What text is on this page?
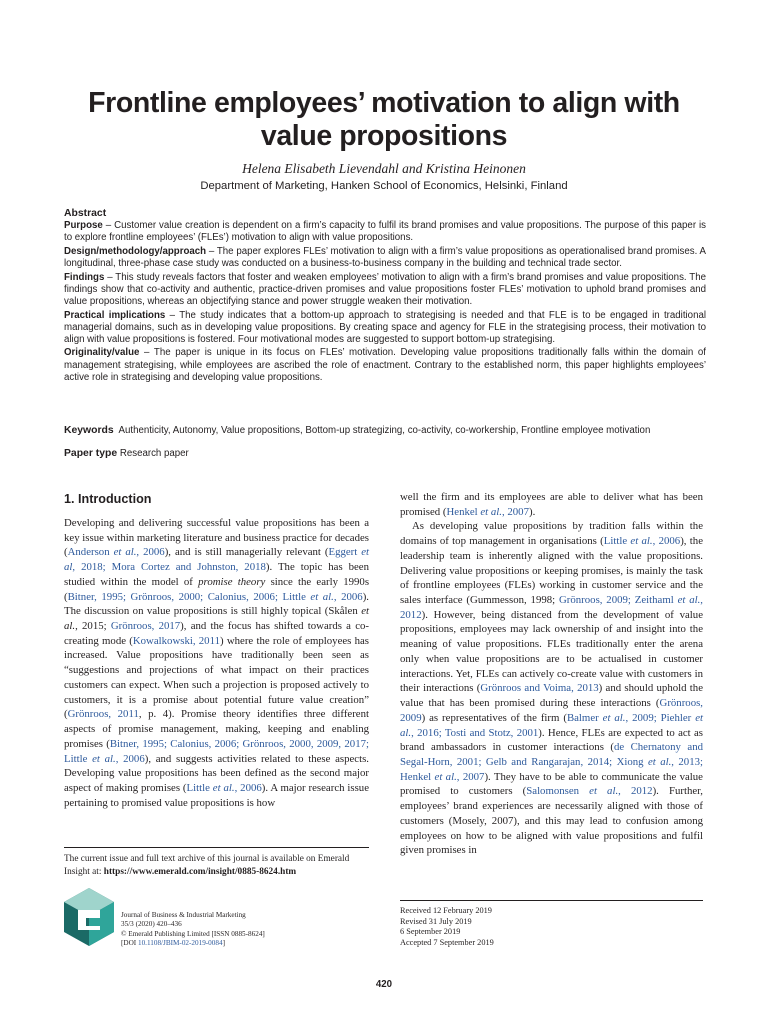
Frontline employees’ motivation to align with
value propositions
Helena Elisabeth Lievendahl and Kristina Heinonen
Department of Marketing, Hanken School of Economics, Helsinki, Finland
Abstract

Purpose – Customer value creation is dependent on a firm’s capacity to fulfil its brand promises and value propositions. The purpose of this paper is to explore frontline employees’ (FLEs’) motivation to align with value propositions.

Design/methodology/approach – The paper explores FLEs’ motivation to align with a firm’s value propositions as operationalised brand promises. A longitudinal, three-phase case study was conducted on a business-to-business company in the building and technical trade sector.

Findings – This study reveals factors that foster and weaken employees’ motivation to align with a firm’s brand promises and value propositions. The findings show that co-activity and authentic, practice-driven promises and value propositions foster FLEs’ motivation to uphold brand promises and value propositions, whereas an objectifying stance and power struggle weaken their motivation.

Practical implications – The study indicates that a bottom-up approach to strategising is needed and that FLE is to be engaged in traditional managerial domains, such as in developing value propositions. By creating space and agency for FLE in the strategising process, their motivation to align with value propositions is fostered. Four motivational modes are suggested to support bottom-up strategising.

Originality/value – The paper is unique in its focus on FLEs’ motivation. Developing value propositions traditionally falls within the domain of management strategising, while employees are ascribed the role of enactment. Contrary to the established norm, this paper highlights employees’ active role in strategising and developing value propositions.

Keywords Authenticity, Autonomy, Value propositions, Bottom-up strategizing, co-activity, co-workership, Frontline employee motivation
Paper type Research paper
1. Introduction

Developing and delivering successful value propositions has been a key issue within marketing literature and business practice for decades (Anderson et al., 2006), and is still managerially relevant (Eggert et al, 2018; Mora Cortez and Johnston, 2018). The topic has been studied within the model of promise theory since the early 1990s (Bitner, 1995; Grönroos, 2000; Calonius, 2006; Little et al., 2006). The discussion on value propositions is still highly topical (Skålen et al., 2015; Grönroos, 2017), and the focus has shifted towards a co-creating mode (Kowalkowski, 2011) where the role of employees has increased. Value propositions have traditionally been seen as “suggestions and projections of what impact on their practices customers can expect. When such a projection is proposed actively to customers, it is a promise about potential future value creation” (Grönroos, 2011, p. 4). Promise theory identifies three different aspects of promise management, making, keeping and enabling promises (Bitner, 1995; Calonius, 2006; Grönroos, 2000, 2009, 2017; Little et al., 2006), and suggests activities related to these aspects. Developing value propositions has been defined as the second major aspect of making promises (Little et al., 2006). A major research issue pertaining to promised value propositions is how

well the firm and its employees are able to deliver what has been promised (Henkel et al., 2007).

As developing value propositions by tradition falls within the domains of top management in organisations (Little et al., 2006), the leadership team is inherently aligned with the value propositions. Delivering value propositions or keeping promises, is mainly the task of frontline employees (FLEs) working in customer service and the sales interface (Gummesson, 1998; Grönroos, 2009; Zeithaml et al., 2012). However, being distanced from the development of value propositions, employees may lack ownership of and insight into the meaning of value propositions. FLEs traditionally enter the arena only when value propositions are to be actualised in customer interactions. Yet, FLEs can actively co-create value with customers in their interactions (Grönroos and Voima, 2013) and should uphold the value that has been promised during these interactions (Grönroos, 2009) as representatives of the firm (Balmer et al., 2009; Piehler et al., 2016; Tosti and Stotz, 2001). Hence, FLEs are expected to act as brand ambassadors in customer interactions (de Chernatony and Segal-Horn, 2001; Gelb and Rangarajan, 2014; Xiong et al., 2013; Henkel et al., 2007). They have to be able to communicate the value promised to customers (Salomonsen et al., 2012). Further, employees’ brand experiences are necessarily aligned with those of customers (Mosely, 2007), and this may lead to confusion among employees on how to be aligned with value propositions and fulfil given promises in

The current issue and full text archive of this journal is available on Emerald Insight at: https://www.emerald.com/insight/0885-8624.htm
Journal of Business & Industrial Marketing
35/3 (2020) 420–436
© Emerald Publishing Limited [ISSN 0885-8624]
[DOI 10.1108/JBIM-02-2019-0084]
Received 12 February 2019
Revised 31 July 2019
6 September 2019
Accepted 7 September 2019
420
